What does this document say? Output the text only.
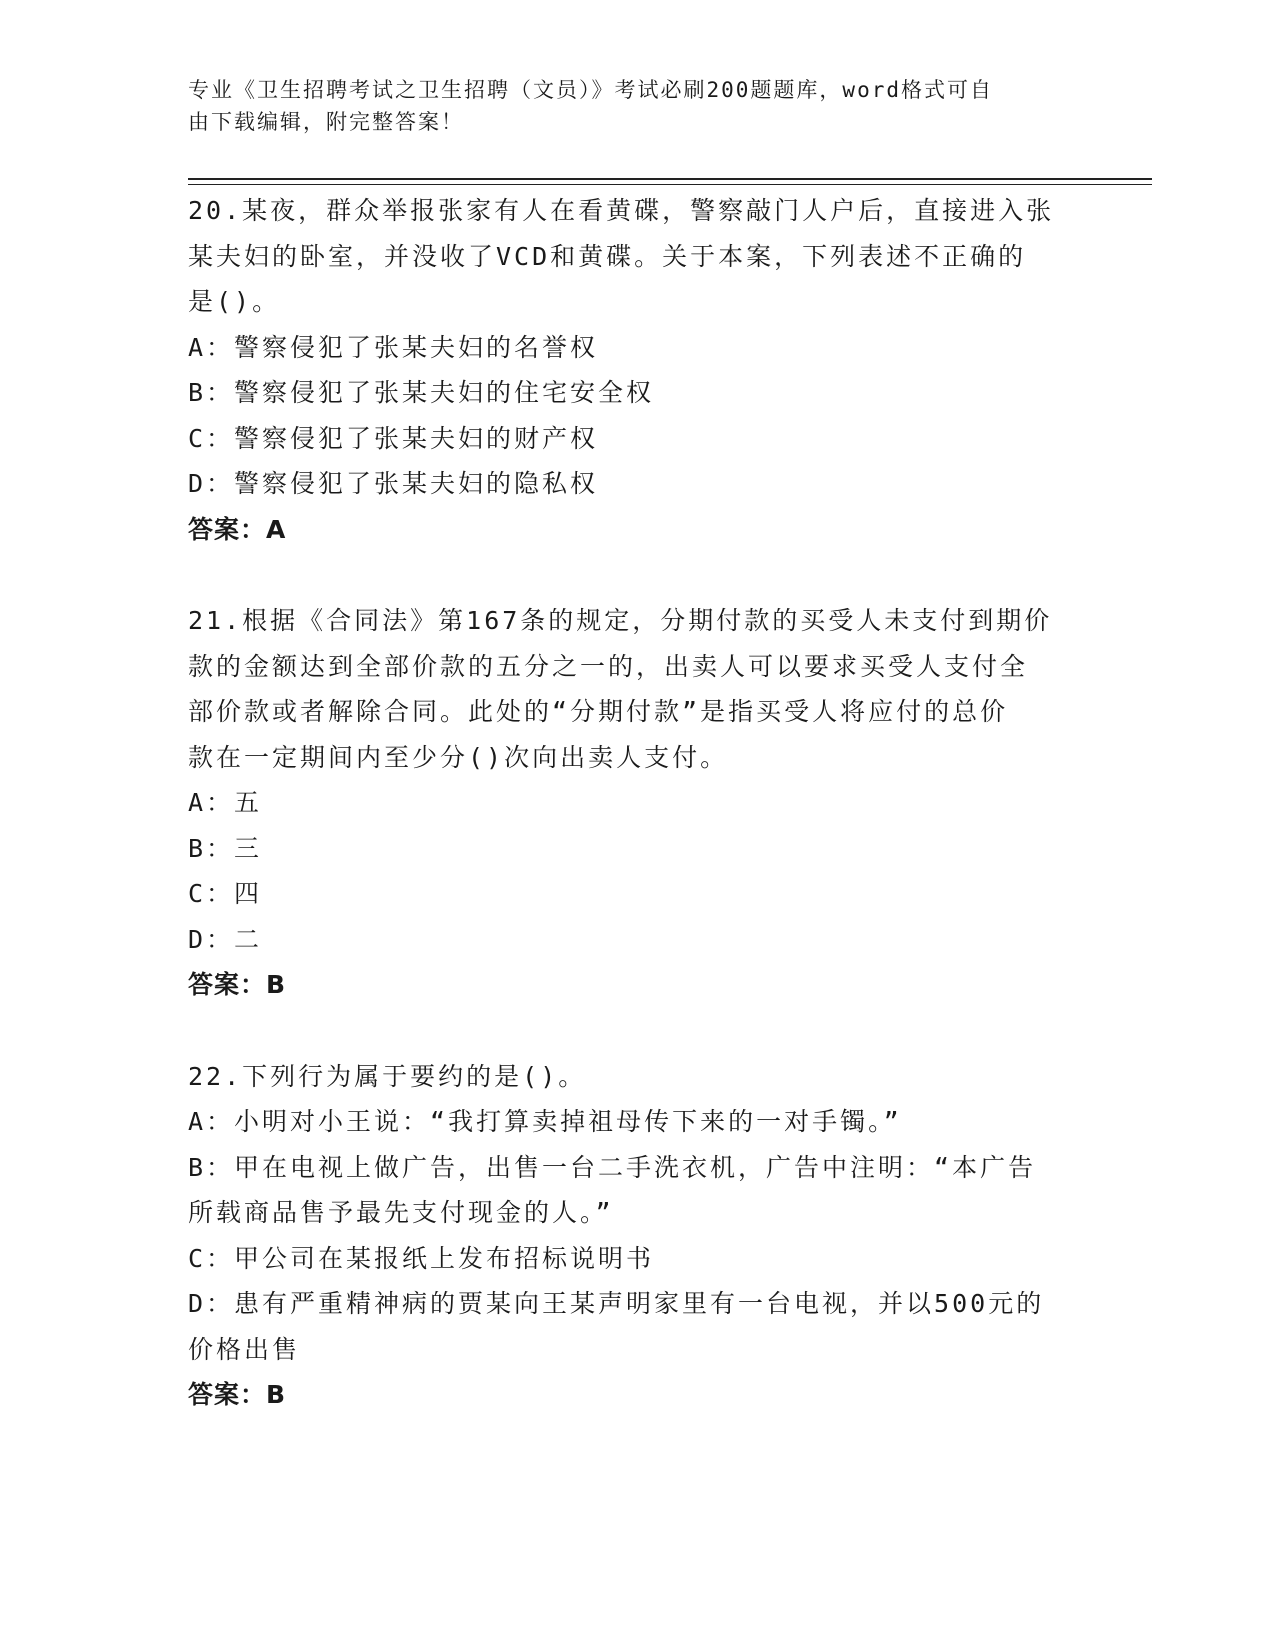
专业《卫生招聘考试之卫生招聘（文员）》考试必刷200题题库，word格式可自
由下载编辑，附完整答案！
20.某夜，群众举报张家有人在看黄碟，警察敲门人户后，直接进入张
某夫妇的卧室，并没收了VCD和黄碟。关于本案，下列表述不正确的
是()。
A：警察侵犯了张某夫妇的名誉权
B：警察侵犯了张某夫妇的住宅安全权
C：警察侵犯了张某夫妇的财产权
D：警察侵犯了张某夫妇的隐私权
答案：A
21.根据《合同法》第167条的规定，分期付款的买受人未支付到期价
款的金额达到全部价款的五分之一的，出卖人可以要求买受人支付全
部价款或者解除合同。此处的“分期付款”是指买受人将应付的总价
款在一定期间内至少分()次向出卖人支付。
A：五
B：三
C：四
D：二
答案：B
22.下列行为属于要约的是()。
A：小明对小王说：“我打算卖掉祖母传下来的一对手镯。”
B：甲在电视上做广告，出售一台二手洗衣机，广告中注明：“本广告
所载商品售予最先支付现金的人。”
C：甲公司在某报纸上发布招标说明书
D：患有严重精神病的贾某向王某声明家里有一台电视，并以500元的
价格出售
答案：B
